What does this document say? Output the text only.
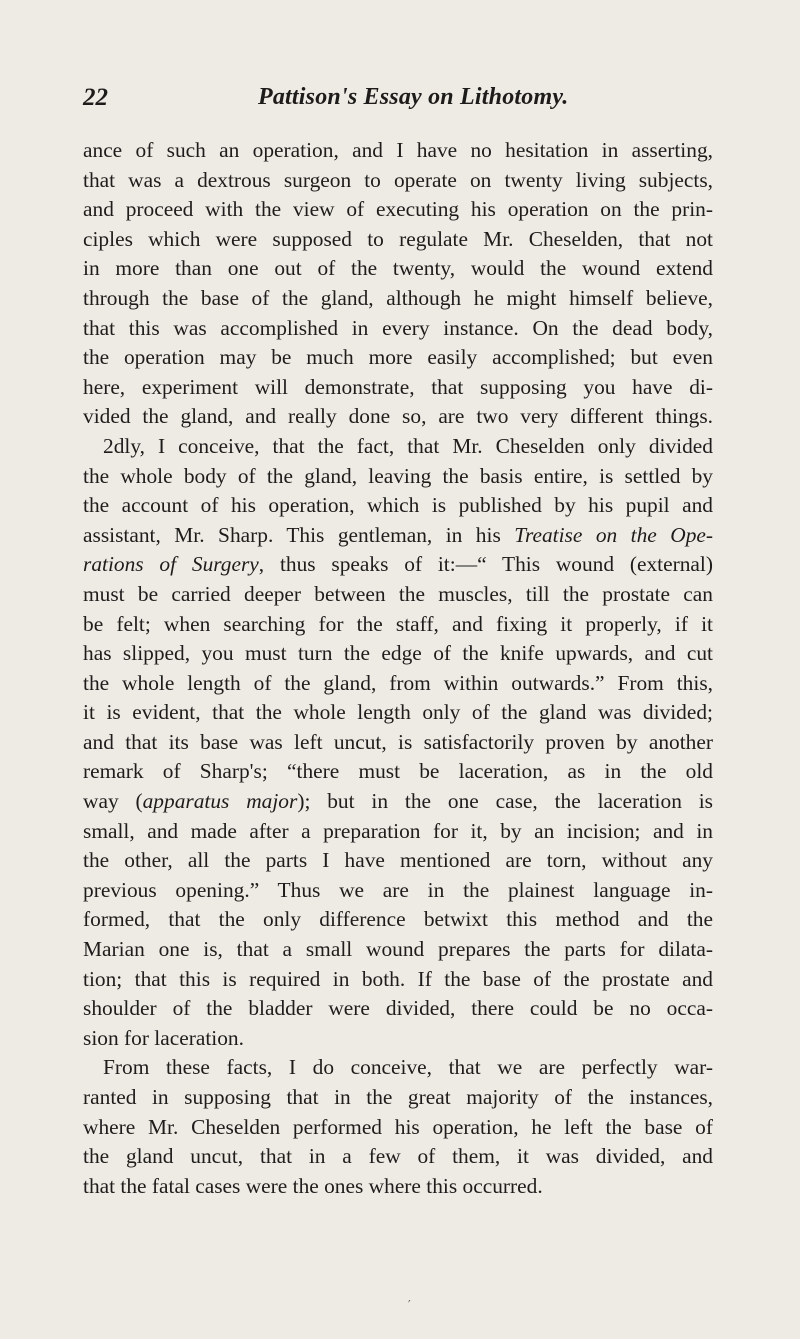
22	Pattison's Essay on Lithotomy.
ance of such an operation, and I have no hesitation in asserting,
that was a dextrous surgeon to operate on twenty living subjects,
and proceed with the view of executing his operation on the prin-
ciples which were supposed to regulate Mr. Cheselden, that not
in more than one out of the twenty, would the wound extend
through the base of the gland, although he might himself believe,
that this was accomplished in every instance. On the dead body,
the operation may be much more easily accomplished; but even
here, experiment will demonstrate, that supposing you have di-
vided the gland, and really done so, are two very different things.
2dly, I conceive, that the fact, that Mr. Cheselden only divided
the whole body of the gland, leaving the basis entire, is settled by
the account of his operation, which is published by his pupil and
assistant, Mr. Sharp. This gentleman, in his Treatise on the Ope-
rations of Surgery, thus speaks of it:—“ This wound (external)
must be carried deeper between the muscles, till the prostate can
be felt; when searching for the staff, and fixing it properly, if it
has slipped, you must turn the edge of the knife upwards, and cut
the whole length of the gland, from within outwards.” From this,
it is evident, that the whole length only of the gland was divided;
and that its base was left uncut, is satisfactorily proven by another
remark of Sharp's; “there must be laceration, as in the old
way (apparatus major); but in the one case, the laceration is
small, and made after a preparation for it, by an incision; and in
the other, all the parts I have mentioned are torn, without any
previous opening.” Thus we are in the plainest language in-
formed, that the only difference betwixt this method and the
Marian one is, that a small wound prepares the parts for dilata-
tion; that this is required in both. If the base of the prostate and
shoulder of the bladder were divided, there could be no occa-
sion for laceration.
From these facts, I do conceive, that we are perfectly war-
ranted in supposing that in the great majority of the instances,
where Mr. Cheselden performed his operation, he left the base of
the gland uncut, that in a few of them, it was divided, and
that the fatal cases were the ones where this occurred.
′
